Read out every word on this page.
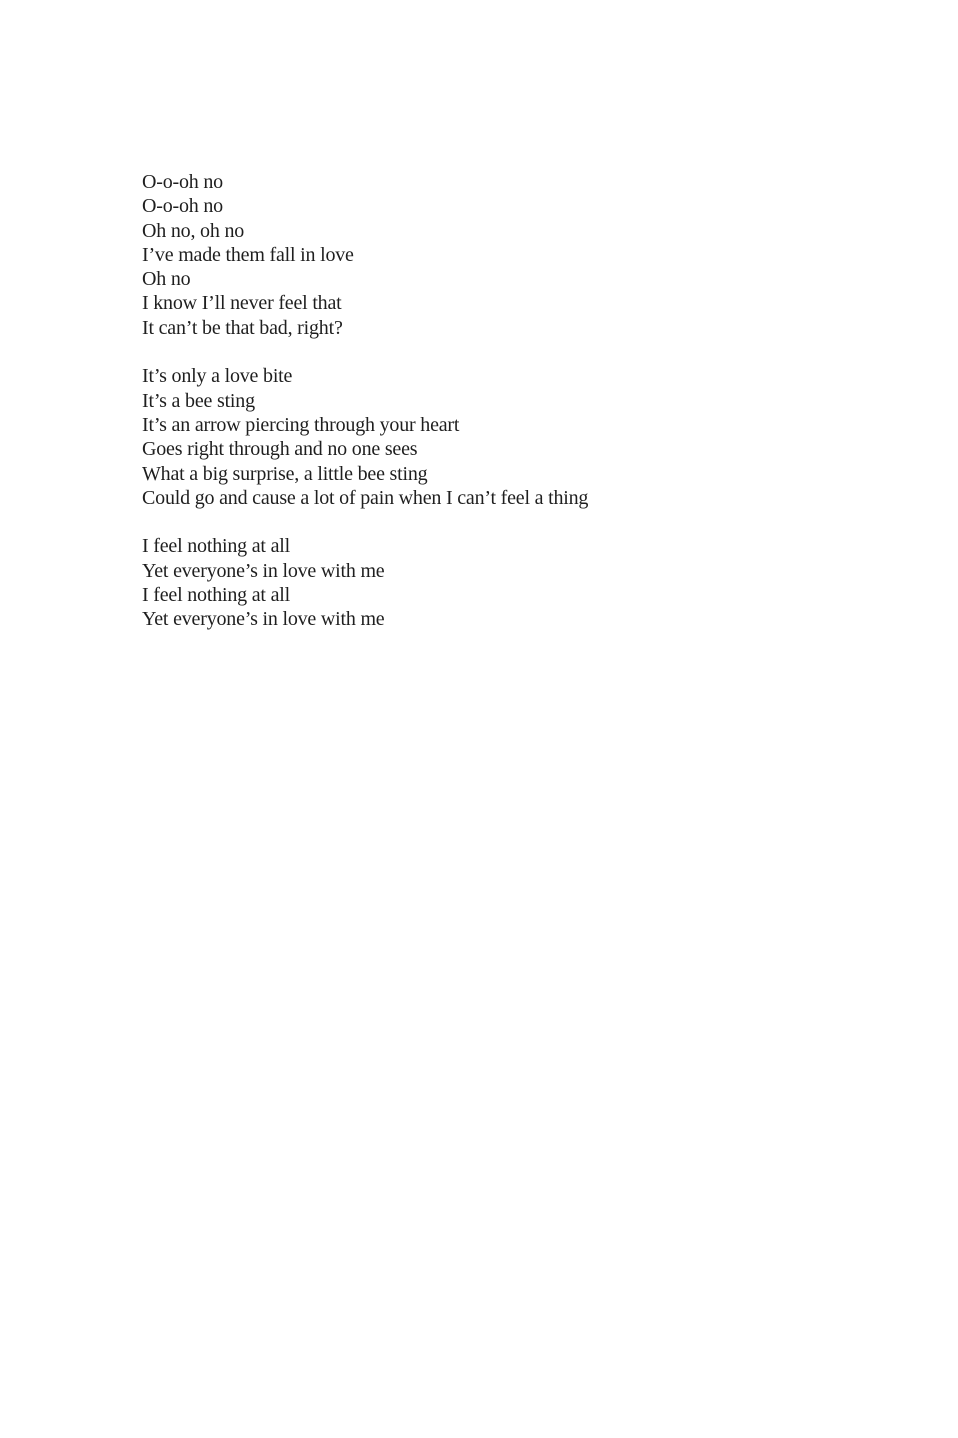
O-o-oh no
O-o-oh no
Oh no, oh no
I’ve made them fall in love
Oh no
I know I’ll never feel that
It can’t be that bad, right?
It’s only a love bite
It’s a bee sting
It’s an arrow piercing through your heart
Goes right through and no one sees
What a big surprise, a little bee sting
Could go and cause a lot of pain when I can’t feel a thing
I feel nothing at all
Yet everyone’s in love with me
I feel nothing at all
Yet everyone’s in love with me
